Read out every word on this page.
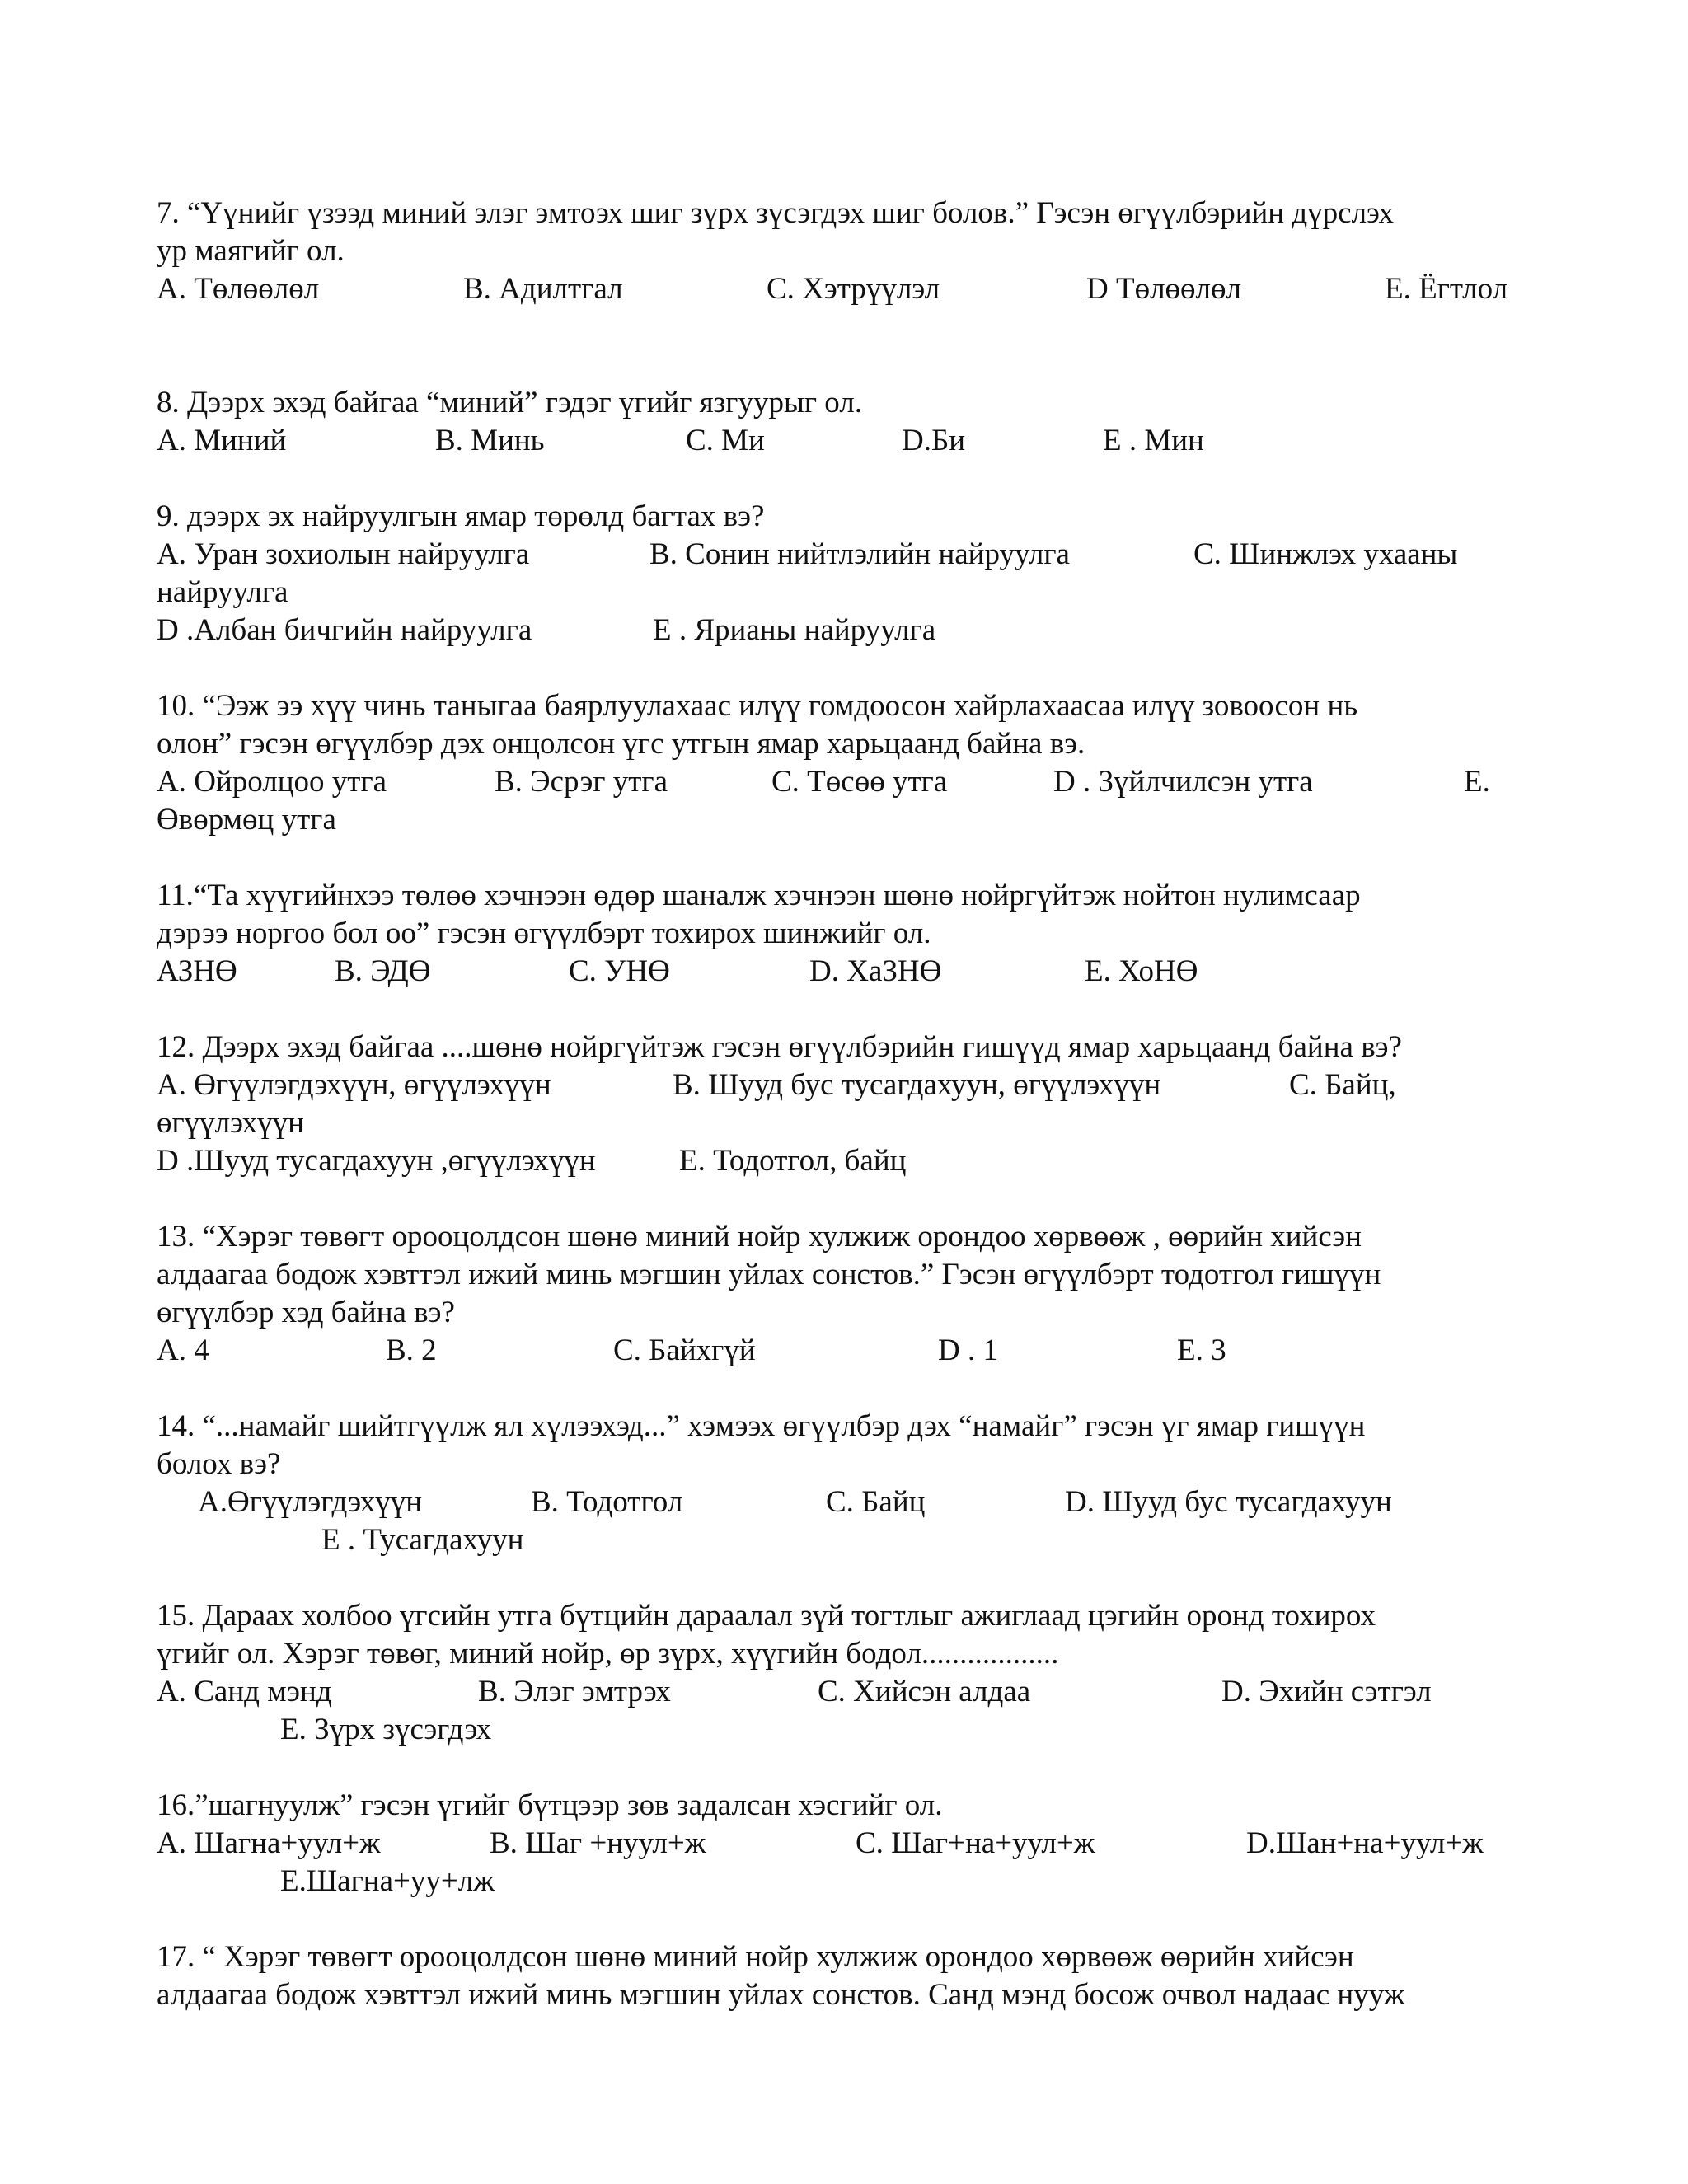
7. “Үүнийг үзээд миний элэг эмтоэх шиг зүрх зүсэгдэх шиг болов.” Гэсэн өгүүлбэрийн дүрслэх

ур маягийг ол.

A. Төлөөлөл	B. Адилтгал	C. Хэтрүүлэл	D Төлөөлөл	E. Ёгтлол

8. Дээрх эхэд байгаа “миний” гэдэг үгийг язгуурыг ол.

A. Миний	B. Минь	C. Ми	D.Би	E . Мин

9. дээрх эх найруулгын ямар төрөлд багтах вэ?

A. Уран зохиолын найруулга	B. Сонин нийтлэлийн найруулга	C. Шинжлэх ухааны
найруулга
D .Албан бичгийн найруулга	E . Ярианы найруулга

10. “Ээж ээ хүү чинь таныгаа баярлуулахаас илүү гомдоосон хайрлахаасаа илүү зовоосон нь

олон” гэсэн өгүүлбэр дэх онцолсон үгс утгын ямар харьцаанд байна вэ.

A. Ойролцоо утга	B. Эсрэг утга	C. Төсөө утга	D . Зүйлчилсэн утга	E.
Өвөрмөц утга

11.“Та хүүгийнхээ төлөө хэчнээн өдөр шаналж хэчнээн шөнө нойргүйтэж нойтон нулимсаар

дэрээ норгоо бол оо” гэсэн өгүүлбэрт тохирох шинжийг ол.

АЗНӨ	B. ЭДӨ	C. УНӨ	D. ХаЗНӨ	E. ХоНӨ

12. Дээрх эхэд байгаа ....шөнө нойргүйтэж гэсэн өгүүлбэрийн гишүүд ямар харьцаанд байна вэ?

A. Өгүүлэгдэхүүн, өгүүлэхүүн	B. Шууд бус тусагдахуун, өгүүлэхүүн	C. Байц,
өгүүлэхүүн
D .Шууд тусагдахуун ,өгүүлэхүүн	E. Тодотгол, байц

13. “Хэрэг төвөгт орооцолдсон шөнө миний нойр хулжиж орондоо хөрвөөж , өөрийн хийсэн

алдаагаа бодож хэвттэл ижий минь мэгшин уйлах сонстов.” Гэсэн өгүүлбэрт тодотгол гишүүн

өгүүлбэр хэд байна вэ?

A. 4	B. 2	C. Байхгүй	D . 1	E. 3

14. “...намайг шийтгүүлж ял хүлээхэд...” хэмээх өгүүлбэр дэх “намайг” гэсэн үг ямар гишүүн

болох вэ?

A.Өгүүлэгдэхүүн	B. Тодотгол	C. Байц	D. Шууд бус тусагдахуун
E . Тусагдахуун

15. Дараах холбоо үгсийн утга бүтцийн дараалал зүй тогтлыг ажиглаад цэгийн оронд тохирох

үгийг ол. Хэрэг төвөг, миний нойр, өр зүрх, хүүгийн бодол..................

A. Санд мэнд	B. Элэг эмтрэх	C. Хийсэн алдаа	D. Эхийн сэтгэл
E. Зүрх зүсэгдэх

16.”шагнуулж” гэсэн үгийг бүтцээр зөв задалсан хэсгийг ол.

A. Шагна+уул+ж	B. Шаг +нуул+ж	C. Шаг+на+уул+ж	D.Шан+на+уул+ж
E.Шагна+уу+лж

17. “ Хэрэг төвөгт орооцолдсон шөнө миний нойр хулжиж орондоо хөрвөөж өөрийн хийсэн

алдаагаа бодож хэвттэл ижий минь мэгшин уйлах сонстов. Санд мэнд босож очвол надаас нууж
